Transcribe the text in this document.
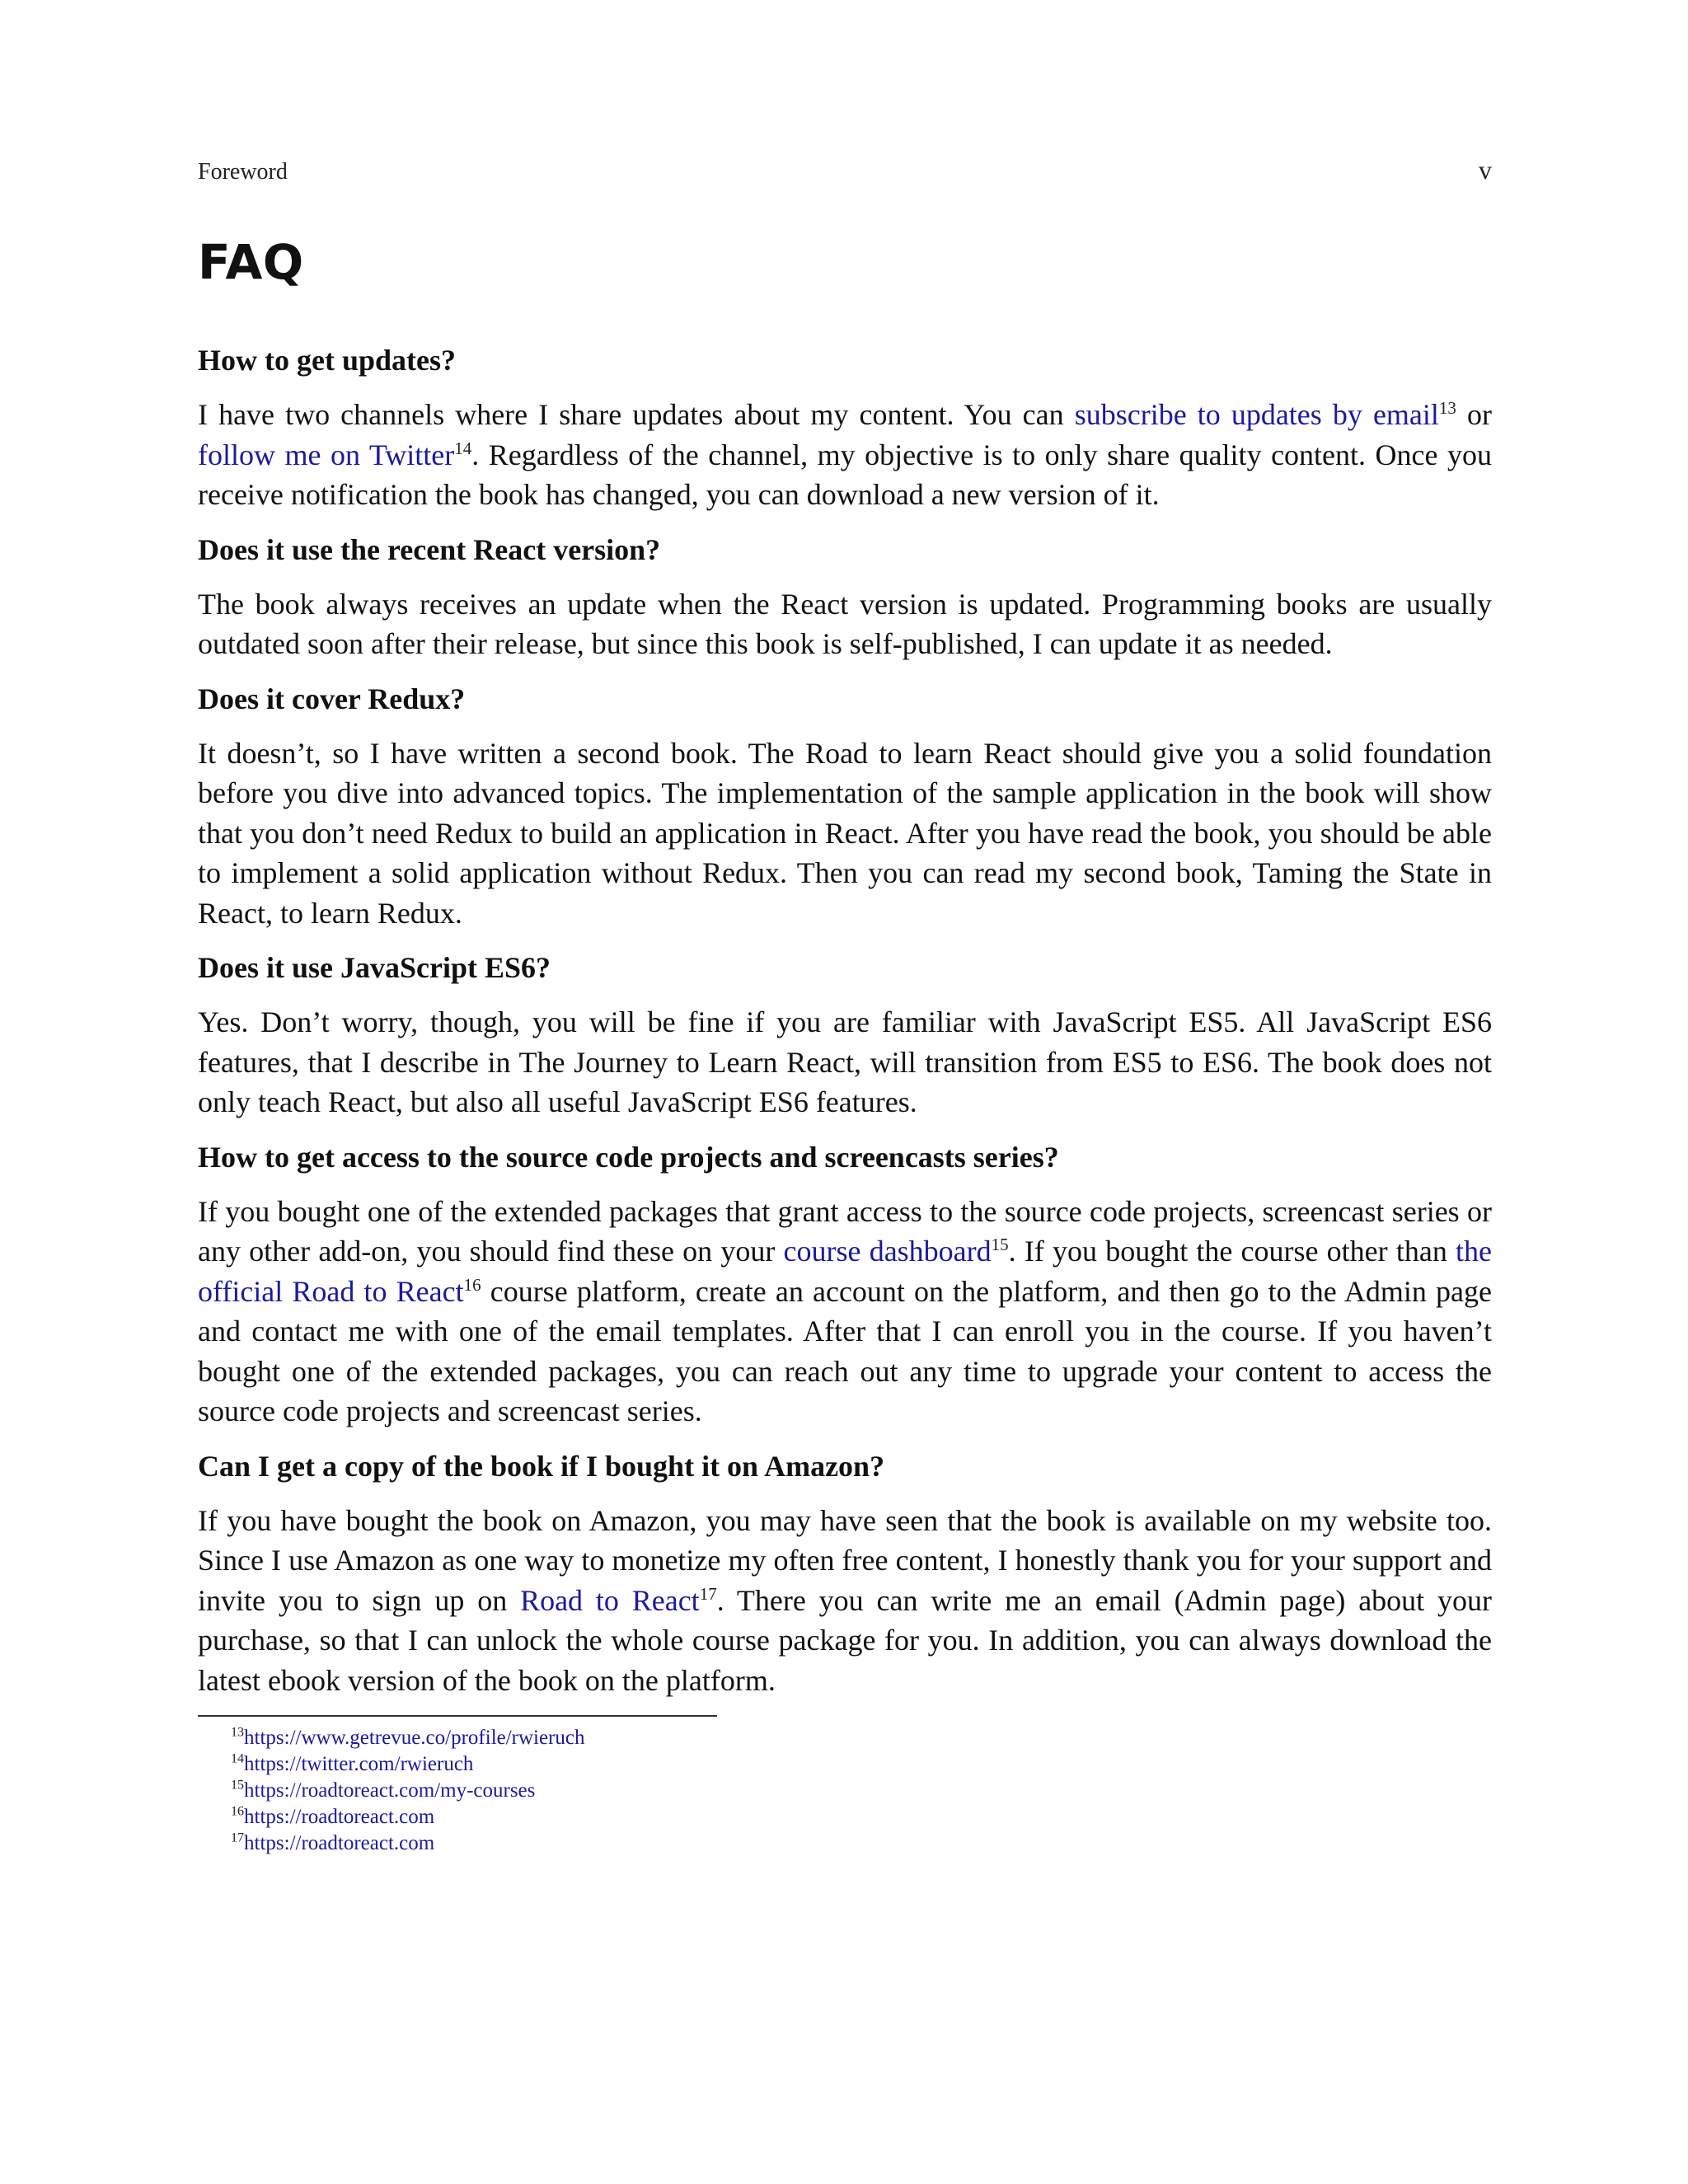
Foreword	v
FAQ

How to get updates?

I have two channels where I share updates about my content. You can subscribe to updates by email$^{13}$ or follow me on Twitter$^{14}$. Regardless of the channel, my objective is to only share quality content. Once you receive notification the book has changed, you can download a new version of it.

Does it use the recent React version?

The book always receives an update when the React version is updated. Programming books are usually outdated soon after their release, but since this book is self-published, I can update it as needed.

Does it cover Redux?

It doesn’t, so I have written a second book. The Road to learn React should give you a solid foundation before you dive into advanced topics. The implementation of the sample application in the book will show that you don’t need Redux to build an application in React. After you have read the book, you should be able to implement a solid application without Redux. Then you can read my second book, Taming the State in React, to learn Redux.

Does it use JavaScript ES6?

Yes. Don’t worry, though, you will be fine if you are familiar with JavaScript ES5. All JavaScript ES6 features, that I describe in The Journey to Learn React, will transition from ES5 to ES6. The book does not only teach React, but also all useful JavaScript ES6 features.

How to get access to the source code projects and screencasts series?

If you bought one of the extended packages that grant access to the source code projects, screencast series or any other add-on, you should find these on your course dashboard$^{15}$. If you bought the course other than the official Road to React$^{16}$ course platform, create an account on the platform, and then go to the Admin page and contact me with one of the email templates. After that I can enroll you in the course. If you haven’t bought one of the extended packages, you can reach out any time to upgrade your content to access the source code projects and screencast series.

Can I get a copy of the book if I bought it on Amazon?

If you have bought the book on Amazon, you may have seen that the book is available on my website too. Since I use Amazon as one way to monetize my often free content, I honestly thank you for your support and invite you to sign up on Road to React$^{17}$. There you can write me an email (Admin page) about your purchase, so that I can unlock the whole course package for you. In addition, you can always download the latest ebook version of the book on the platform.

$^{13}$https://www.getrevue.co/profile/rwieruch
$^{14}$https://twitter.com/rwieruch
$^{15}$https://roadtoreact.com/my-courses
$^{16}$https://roadtoreact.com
$^{17}$https://roadtoreact.com
